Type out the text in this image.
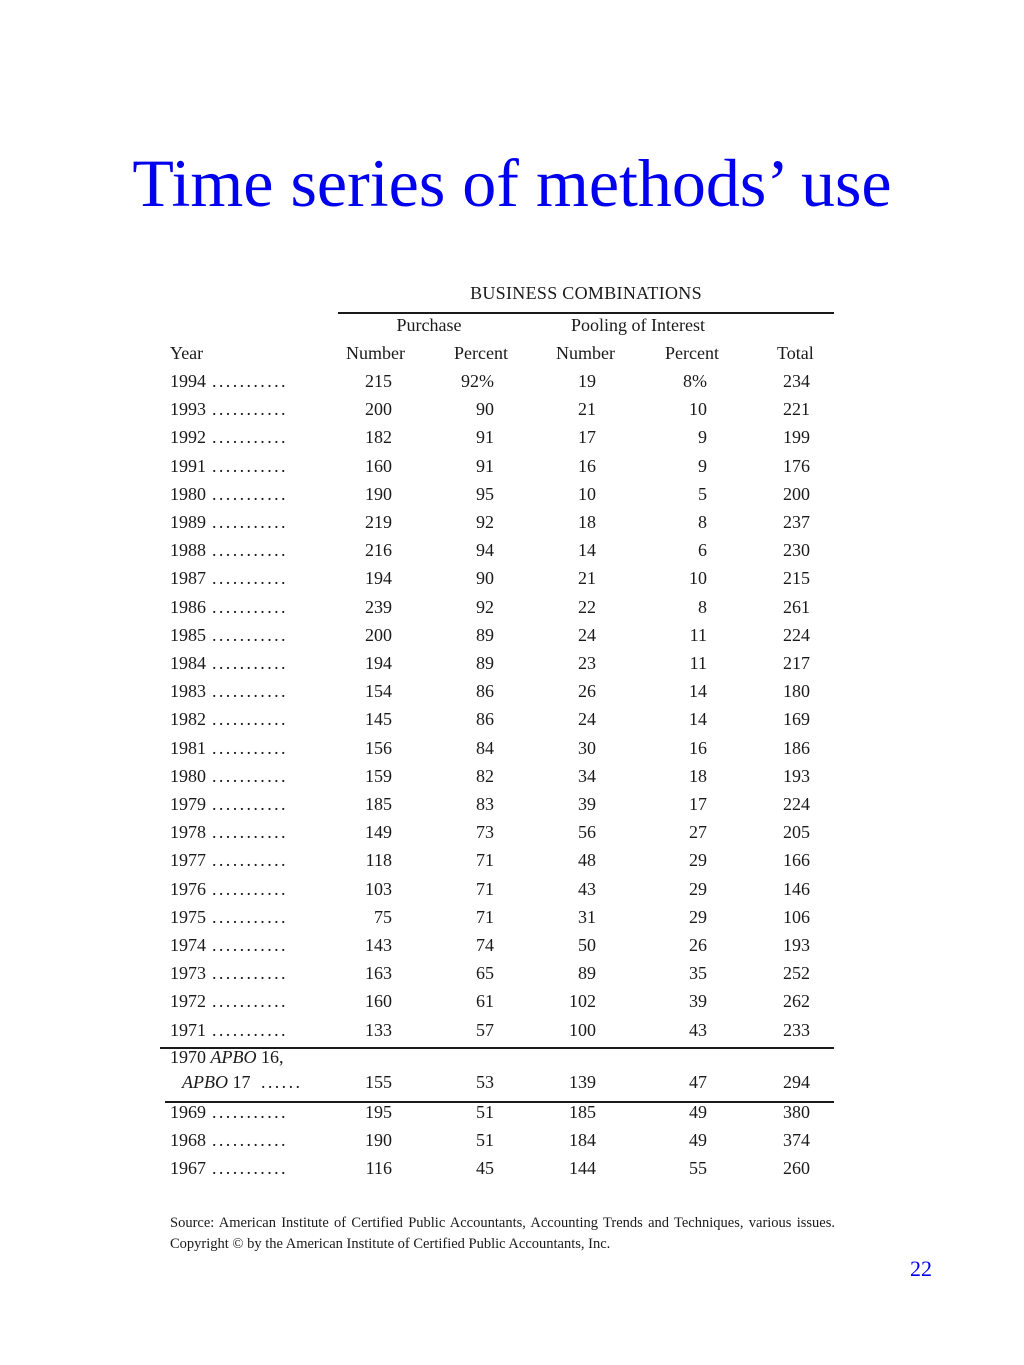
Time series of methods’ use
BUSINESS COMBINATIONS
Purchase	Pooling of Interest
Year	Number	Percent	Number	Percent	Total
1994 ...........	215	92%	19	8%	234
1993 ...........	200	90	21	10	221
1992 ...........	182	91	17	9	199
1991 ...........	160	91	16	9	176
1980 ...........	190	95	10	5	200
1989 ...........	219	92	18	8	237
1988 ...........	216	94	14	6	230
1987 ...........	194	90	21	10	215
1986 ...........	239	92	22	8	261
1985 ...........	200	89	24	11	224
1984 ...........	194	89	23	11	217
1983 ...........	154	86	26	14	180
1982 ...........	145	86	24	14	169
1981 ...........	156	84	30	16	186
1980 ...........	159	82	34	18	193
1979 ...........	185	83	39	17	224
1978 ...........	149	73	56	27	205
1977 ...........	118	71	48	29	166
1976 ...........	103	71	43	29	146
1975 ...........	75	71	31	29	106
1974 ...........	143	74	50	26	193
1973 ...........	163	65	89	35	252
1972 ...........	160	61	102	39	262
1971 ...........	133	57	100	43	233
1970 APBO 16,
APBO 17 ......	155	53	139	47	294
1969 ...........	195	51	185	49	380
1968 ...........	190	51	184	49	374
1967 ...........	116	45	144	55	260
Source: American Institute of Certified Public Accountants, Accounting Trends and Techniques, various issues. Copyright © by the American Institute of Certified Public Accountants, Inc.
22
